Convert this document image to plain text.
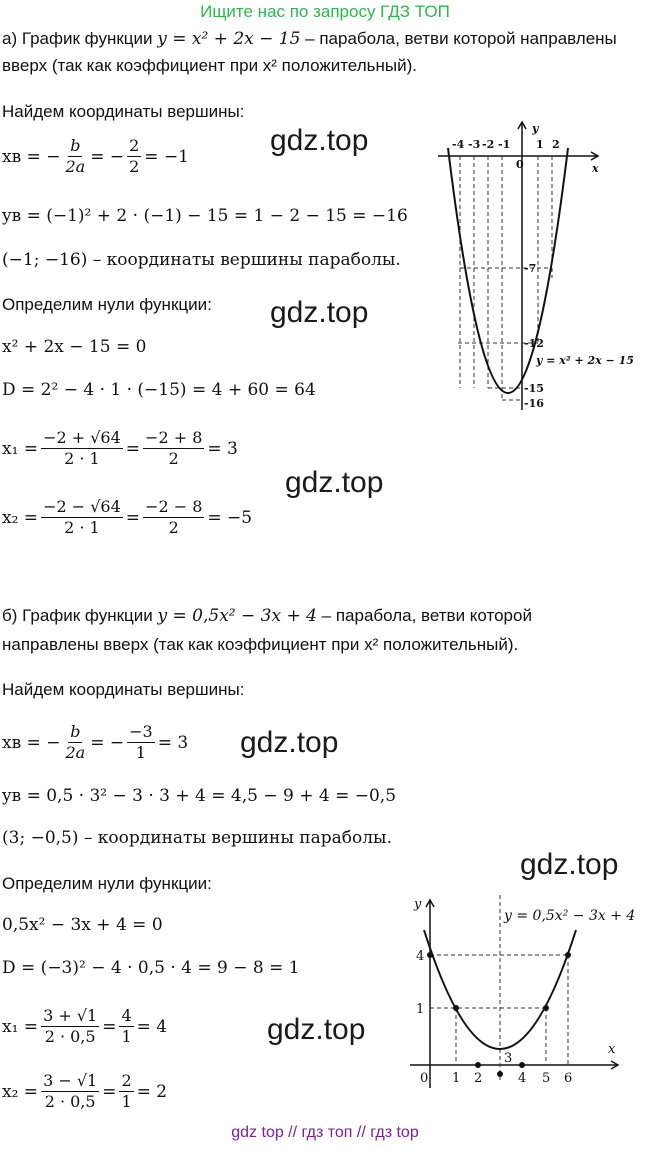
Ищите нас по запросу ГДЗ ТОП
а) График функции y = x² + 2x − 15 – парабола, ветви которой направлены
вверх (так как коэффициент при x² положительный).
Найдем координаты вершины:
xв = − $\frac{b}{2a}$ = − $\frac{2}{2} = -1$
yв = (−1)² + 2 · (−1) − 15 = 1 − 2 − 15 = −16
(−1; −16) – координаты вершины параболы.
Определим нули функции:
x² + 2x − 15 = 0
D = 2² − 4 · 1 · (−15) = 4 + 60 = 64
$x_1 = \frac{-2 + √64}{2 \cdot 1} = \frac{-2 + 8}{2} = 3$
$x_2 = \frac{-2 - √64}{2 \cdot 1} = \frac{-2 - 8}{2} = -5$
-4 -3 -2 -1 1 2
0
-7
-12
-15
-16
x
y
y = x² + 2x − 15
б) График функции y = 0,5x² − 3x + 4 – парабола, ветви которой
направлены вверх (так как коэффициент при x² положительный).
Найдем координаты вершины:
xв = − $\frac{b}{2a}$ = − $\frac{-3}{1} = 3$
yв = 0,5 · 3² − 3 · 3 + 4 = 4,5 − 9 + 4 = −0,5
(3; −0,5) – координаты вершины параболы.
Определим нули функции:
0,5x² − 3x + 4 = 0
D = (−3)² − 4 · 0,5 · 4 = 9 − 8 = 1
$x_1 = \frac{3 + √1}{2 \cdot 0,5} = \frac{4}{1} = 4$
$x_2 = \frac{3 - √1}{2 \cdot 0,5} = \frac{2}{1} = 2$
0 1 2
3
4 5 6
4
1
x
y
y = 0,5x² − 3x + 4
gdz.top
gdz.top
gdz.top
gdz.top
gdz.top
gdz.top
gdz top // гдз топ // гдз top
